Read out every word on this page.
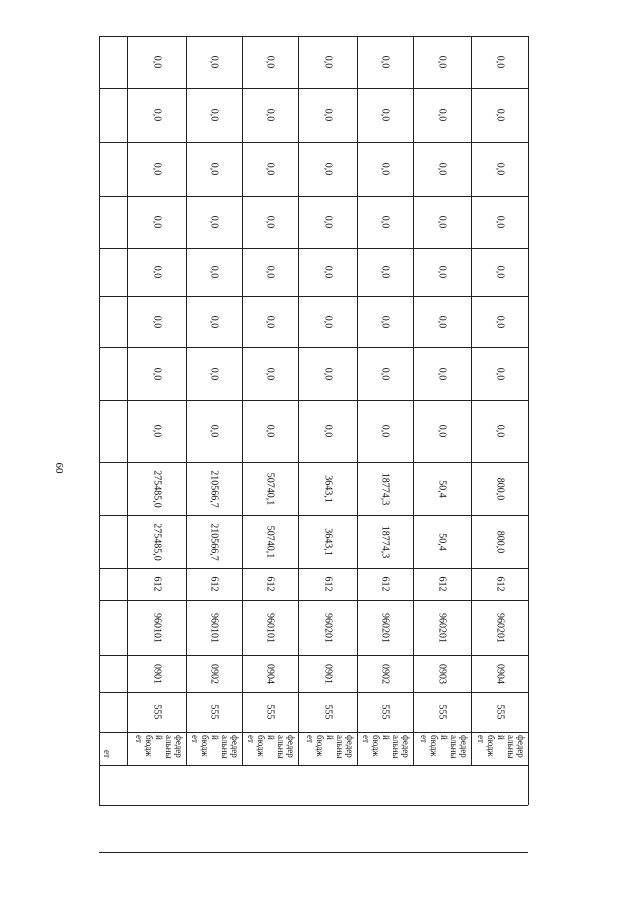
60
ет
275485,0
275485,0
0,0
0,0
0,0
0,0
0,0
0,0
0,0
0,0
612
960101
0901
555
федер
альны
й
бюдж
ет
210566,7
210566,7
0,0
0,0
0,0
0,0
0,0
0,0
0,0
0,0
612
960101
0902
555
федер
альны
й
бюдж
ет
50740,1
50740,1
0,0
0,0
0,0
0,0
0,0
0,0
0,0
0,0
612
960101
0904
555
федер
альны
й
бюдж
ет
3643,1
3643,1
0,0
0,0
0,0
0,0
0,0
0,0
0,0
0,0
612
960201
0901
555
федер
альны
й
бюдж
ет
18774,3
18774,3
0,0
0,0
0,0
0,0
0,0
0,0
0,0
0,0
612
960201
0902
555
федер
альны
й
бюдж
ет
50,4
50,4
0,0
0,0
0,0
0,0
0,0
0,0
0,0
0,0
612
960201
0903
555
федер
альны
й
бюдж
ет
800,0
800,0
0,0
0,0
0,0
0,0
0,0
0,0
0,0
0,0
612
960201
0904
555
федер
альны
й
бюдж
ет
